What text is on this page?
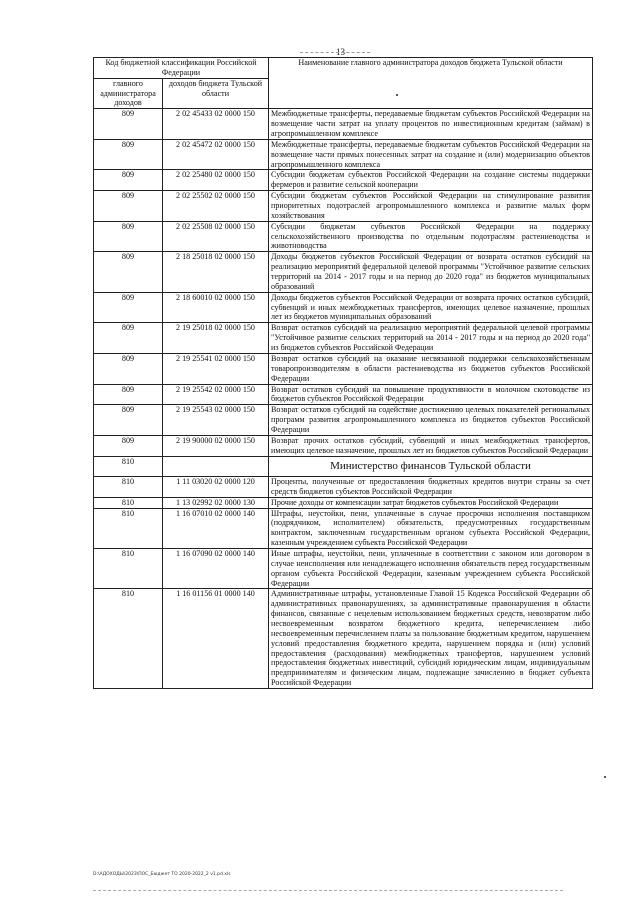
13
Код бюджетной классификации Российской Федерации		Наименование главного администратора доходов бюджета Тульской области
главного администратора доходов	доходов бюджета Тульской области	
809	2 02 45433 02 0000 150	Межбюджетные трансферты, передаваемые бюджетам субъектов Российской Федерации на возмещение части затрат на уплату процентов по инвестиционным кредитам (займам) в агропромышленном комплексе
809	2 02 45472 02 0000 150	Межбюджетные трансферты, передаваемые бюджетам субъектов Российской Федерации на возмещение части прямых понесенных затрат на создание и (или) модернизацию объектов агропромышленного комплекса
809	2 02 25480 02 0000 150	Субсидии бюджетам субъектов Российской Федерации на создание системы поддержки фермеров и развитие сельской кооперации
809	2 02 25502 02 0000 150	Субсидии бюджетам субъектов Российской Федерации на стимулирование развития приоритетных подотраслей агропромышленного комплекса и развитие малых форм хозяйствования
809	2 02 25508 02 0000 150	Субсидии бюджетам субъектов Российской Федерации на поддержку сельскохозяйственного производства по отдельным подотраслям растениеводства и животноводства
809	2 18 25018 02 0000 150	Доходы бюджетов субъектов Российской Федерации от возврата остатков субсидий на реализацию мероприятий федеральной целевой программы "Устойчивое развитие сельских территорий на 2014 - 2017 годы и на период до 2020 года" из бюджетов муниципальных образований
809	2 18 60010 02 0000 150	Доходы бюджетов субъектов Российской Федерации от возврата прочих остатков субсидий, субвенций и иных межбюджетных трансфертов, имеющих целевое назначение, прошлых лет из бюджетов муниципальных образований
809	2 19 25018 02 0000 150	Возврат остатков субсидий на реализацию мероприятий федеральной целевой программы "Устойчивое развитие сельских территорий на 2014 - 2017 годы и на период до 2020 года" из бюджетов субъектов Российской Федерации
809	2 19 25541 02 0000 150	Возврат остатков субсидий на оказание несвязанной поддержки сельскохозяйственным товаропроизводителям в области растениеводства из бюджетов субъектов Российской Федерации
809	2 19 25542 02 0000 150	Возврат остатков субсидий на повышение продуктивности в молочном скотоводстве из бюджетов субъектов Российской Федерации
809	2 19 25543 02 0000 150	Возврат остатков субсидий на содействие достижению целевых показателей региональных программ развития агропромышленного комплекса из бюджетов субъектов Российской Федерации
809	2 19 90000 02 0000 150	Возврат прочих остатков субсидий, субвенций и иных межбюджетных трансфертов, имеющих целевое назначение, прошлых лет из бюджетов субъектов Российской Федерации
810		Министерство финансов Тульской области
810	1 11 03020 02 0000 120	Проценты, полученные от предоставления бюджетных кредитов внутри страны за счет средств бюджетов субъектов Российской Федерации
810	1 13 02992 02 0000 130	Прочие доходы от компенсации затрат бюджетов субъектов Российской Федерации
810	1 16 07010 02 0000 140	Штрафы, неустойки, пени, уплаченные в случае просрочки исполнения поставщиком (подрядчиком, исполнителем) обязательств, предусмотренных государственным контрактом, заключенным государственным органом субъекта Российской Федерации, казенным учреждением субъекта Российской Федерации
810	1 16 07090 02 0000 140	Иные штрафы, неустойки, пени, уплаченные в соответствии с законом или договором в случае неисполнения или ненадлежащего исполнения обязательств перед государственным органом субъекта Российской Федерации, казенным учреждением субъекта Российской Федерации
810	1 16 01156 01 0000 140	Административные штрафы, установленные Главой 15 Кодекса Российской Федерации об административных правонарушениях, за административные правонарушения в области финансов, связанные с нецелевым использованием бюджетных средств, невозвратом либо несвоевременным возвратом бюджетного кредита, неперечислением либо несвоевременным перечислением платы за пользование бюджетным кредитом, нарушением условий предоставления бюджетного кредита, нарушением порядка и (или) условий предоставления (расходования) межбюджетных трансфертов, нарушением условий предоставления бюджетных инвестиций, субсидий юридическим лицам, индивидуальным предпринимателям и физическим лицам, подлежащие зачислению в бюджет субъекта Российской Федерации
D:\АДОХОДЫ\2023\ПОС_Бюджет ТО 2020-2022_2 v1.pd.xls
